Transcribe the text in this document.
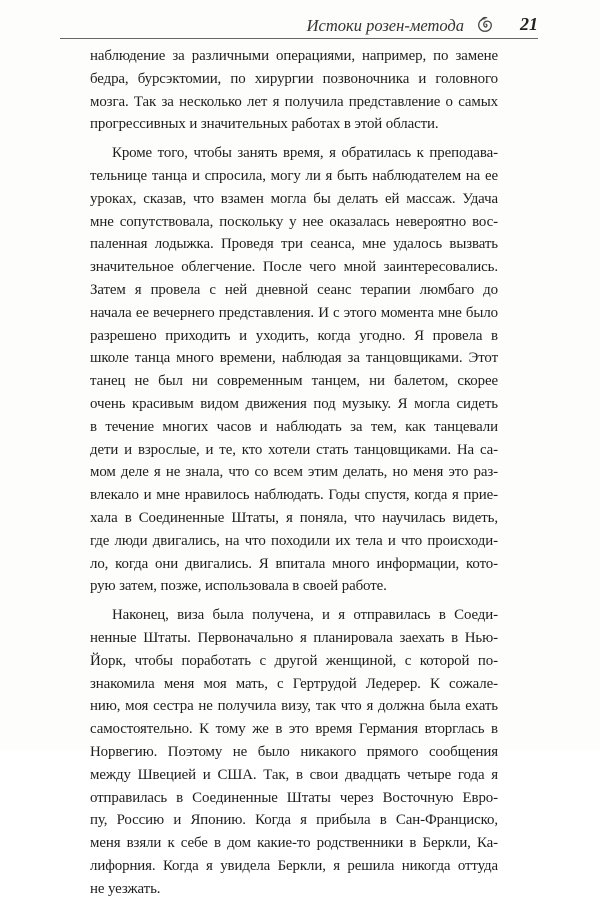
Истоки розен-метода	21
наблюдение за различными операциями, например, по замене
бедра, бурсэктомии, по хирургии позвоночника и головного
мозга. Так за несколько лет я получила представление о самых
прогрессивных и значительных работах в этой области.
Кроме того, чтобы занять время, я обратилась к преподава-
тельнице танца и спросила, могу ли я быть наблюдателем на ее
уроках, сказав, что взамен могла бы делать ей массаж. Удача
мне сопутствовала, поскольку у нее оказалась невероятно вос-
паленная лодыжка. Проведя три сеанса, мне удалось вызвать
значительное облегчение. После чего мной заинтересовались.
Затем я провела с ней дневной сеанс терапии люмбаго до
начала ее вечернего представления. И с этого момента мне было
разрешено приходить и уходить, когда угодно. Я провела в
школе танца много времени, наблюдая за танцовщиками. Этот
танец не был ни современным танцем, ни балетом, скорее
очень красивым видом движения под музыку. Я могла сидеть
в течение многих часов и наблюдать за тем, как танцевали
дети и взрослые, и те, кто хотели стать танцовщиками. На са-
мом деле я не знала, что со всем этим делать, но меня это раз-
влекало и мне нравилось наблюдать. Годы спустя, когда я прие-
хала в Соединенные Штаты, я поняла, что научилась видеть,
где люди двигались, на что походили их тела и что происходи-
ло, когда они двигались. Я впитала много информации, кото-
рую затем, позже, использовала в своей работе.
Наконец, виза была получена, и я отправилась в Соеди-
ненные Штаты. Первоначально я планировала заехать в Нью-
Йорк, чтобы поработать с другой женщиной, с которой по-
знакомила меня моя мать, с Гертрудой Ледерер. К сожале-
нию, моя сестра не получила визу, так что я должна была ехать
самостоятельно. К тому же в это время Германия вторглась в
Норвегию. Поэтому не было никакого прямого сообщения
между Швецией и США. Так, в свои двадцать четыре года я
отправилась в Соединенные Штаты через Восточную Евро-
пу, Россию и Японию. Когда я прибыла в Сан-Франциско,
меня взяли к себе в дом какие-то родственники в Беркли, Ка-
лифорния. Когда я увидела Беркли, я решила никогда оттуда
не уезжать.
